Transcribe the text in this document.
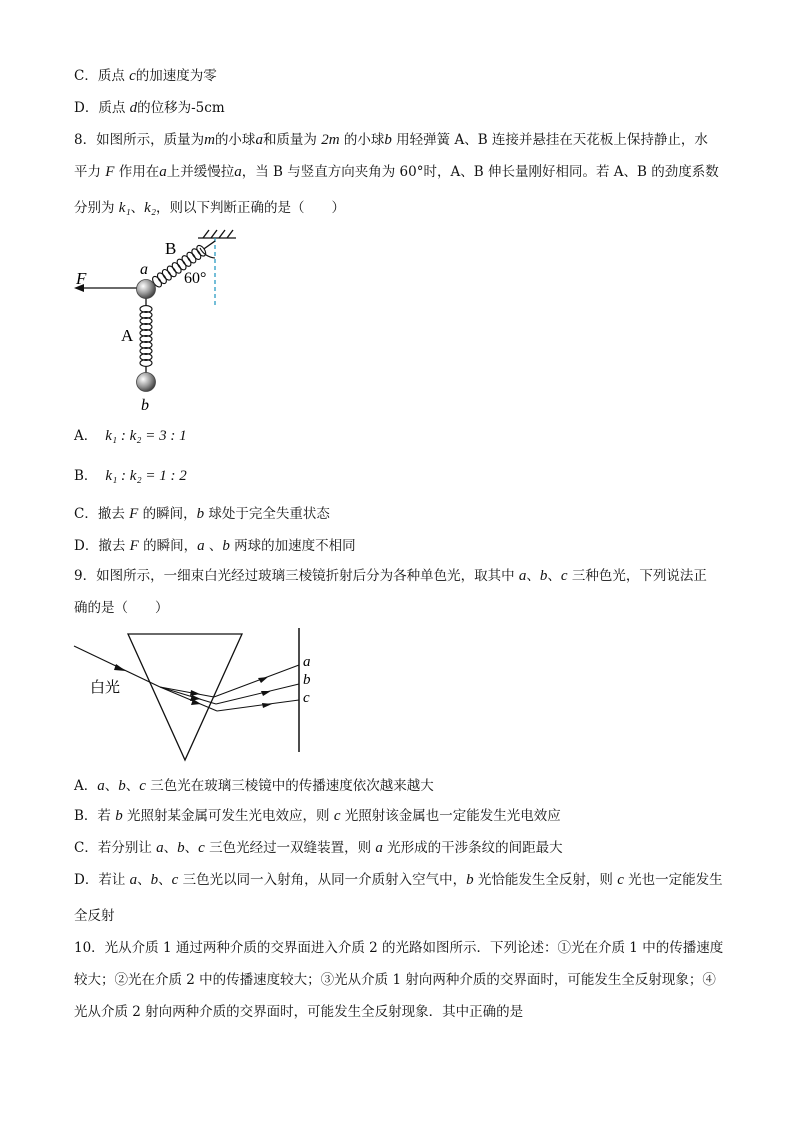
C．质点 c的加速度为零
D．质点 d的位移为-5cm
8．如图所示，质量为m的小球a和质量为 2m 的小球b 用轻弹簧 A、B 连接并悬挂在天花板上保持静止，水
平力 F 作用在a上并缓慢拉a，当 B 与竖直方向夹角为 60°时，A、B 伸长量刚好相同。若 A、B 的劲度系数
分别为 k₁、k₂，则以下判断正确的是（　　）
F	a
B
60°
A
b
A． k₁ : k₂ = 3 : 1
B． k₁ : k₂ = 1 : 2
C．撤去 F 的瞬间，b 球处于完全失重状态
D．撤去 F 的瞬间，a 、b 两球的加速度不相同
9．如图所示，一细束白光经过玻璃三棱镜折射后分为各种单色光，取其中 a、b、c 三种色光，下列说法正
确的是（　　）
白光
a
b
c
A．a、b、c 三色光在玻璃三棱镜中的传播速度依次越来越大
B．若 b 光照射某金属可发生光电效应，则 c 光照射该金属也一定能发生光电效应
C．若分别让 a、b、c 三色光经过一双缝装置，则 a 光形成的干涉条纹的间距最大
D．若让 a、b、c 三色光以同一入射角，从同一介质射入空气中，b 光恰能发生全反射，则 c 光也一定能发生
全反射
10．光从介质 1 通过两种介质的交界面进入介质 2 的光路如图所示．下列论述：①光在介质 1 中的传播速度
较大；②光在介质 2 中的传播速度较大；③光从介质 1 射向两种介质的交界面时，可能发生全反射现象；④
光从介质 2 射向两种介质的交界面时，可能发生全反射现象．其中正确的是
